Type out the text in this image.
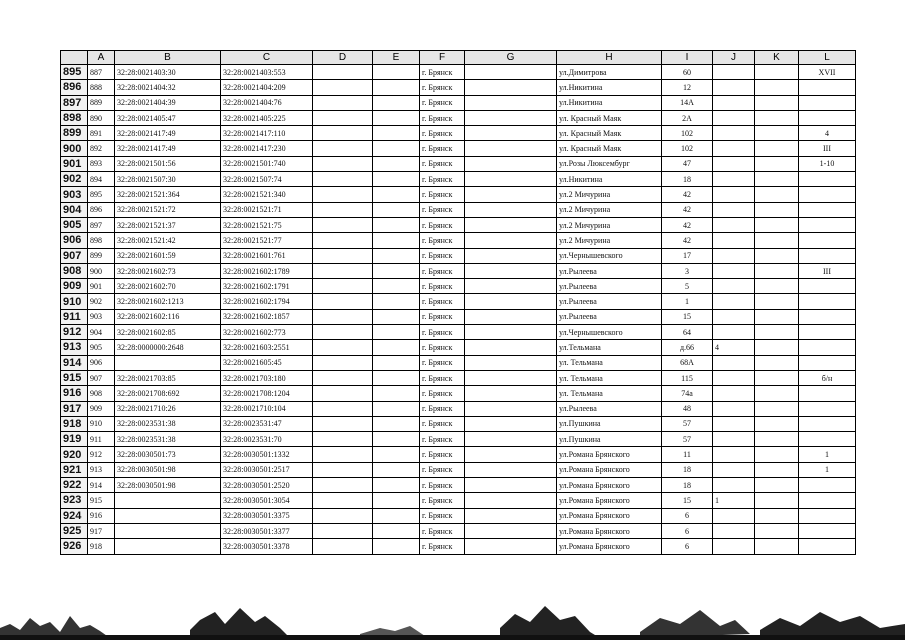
	A	B	C	D	E	F	G	H	I	J	K	L
895	887	32:28:0021403:30	32:28:0021403:553			г. Брянск		ул.Димитрова	60			XVII
896	888	32:28:0021404:32	32:28:0021404:209			г. Брянск		ул.Никитина	12			
897	889	32:28:0021404:39	32:28:0021404:76			г. Брянск		ул.Никитина	14А			
898	890	32:28:0021405:47	32:28:0021405:225			г. Брянск		ул. Красный Маяк	2А			
899	891	32:28:0021417:49	32:28:0021417:110			г. Брянск		ул. Красный Маяк	102			4
900	892	32:28:0021417:49	32:28:0021417:230			г. Брянск		ул. Красный Маяк	102			III
901	893	32:28:0021501:56	32:28:0021501:740			г. Брянск		ул.Розы Люксембург	47			1-10
902	894	32:28:0021507:30	32:28:0021507:74			г. Брянск		ул.Никитина	18			
903	895	32:28:0021521:364	32:28:0021521:340			г. Брянск		ул.2 Мичурина	42			
904	896	32:28:0021521:72	32:28:0021521:71			г. Брянск		ул.2 Мичурина	42			
905	897	32:28:0021521:37	32:28:0021521:75			г. Брянск		ул.2 Мичурина	42			
906	898	32:28:0021521:42	32:28:0021521:77			г. Брянск		ул.2 Мичурина	42			
907	899	32:28:0021601:59	32:28:0021601:761			г. Брянск		ул.Чернышевского	17			
908	900	32:28:0021602:73	32:28:0021602:1789			г. Брянск		ул.Рылеева	3			III
909	901	32:28:0021602:70	32:28:0021602:1791			г. Брянск		ул.Рылеева	5			
910	902	32:28:0021602:1213	32:28:0021602:1794			г. Брянск		ул.Рылеева	1			
911	903	32:28:0021602:116	32:28:0021602:1857			г. Брянск		ул.Рылеева	15			
912	904	32:28:0021602:85	32:28:0021602:773			г. Брянск		ул.Чернышевского	64			
913	905	32:28:0000000:2648	32:28:0021603:2551			г. Брянск		ул.Тельмана	д.66	4		
914	906		32:28:0021605:45			г. Брянск		ул. Тельмана	68А			
915	907	32:28:0021703:85	32:28:0021703:180			г. Брянск		ул. Тельмана	115			б/н
916	908	32:28:0021708:692	32:28:0021708:1204			г. Брянск		ул. Тельмана	74а			
917	909	32:28:0021710:26	32:28:0021710:104			г. Брянск		ул.Рылеева	48			
918	910	32:28:0023531:38	32:28:0023531:47			г. Брянск		ул.Пушкина	57			
919	911	32:28:0023531:38	32:28:0023531:70			г. Брянск		ул.Пушкина	57			
920	912	32:28:0030501:73	32:28:0030501:1332			г. Брянск		ул.Романа Брянского	11			1
921	913	32:28:0030501:98	32:28:0030501:2517			г. Брянск		ул.Романа Брянского	18			1
922	914	32:28:0030501:98	32:28:0030501:2520			г. Брянск		ул.Романа Брянского	18			
923	915		32:28:0030501:3054			г. Брянск		ул.Романа Брянского	15	1		
924	916		32:28:0030501:3375			г. Брянск		ул.Романа Брянского	6			
925	917		32:28:0030501:3377			г. Брянск		ул.Романа Брянского	6			
926	918		32:28:0030501:3378			г. Брянск		ул.Романа Брянского	6			
